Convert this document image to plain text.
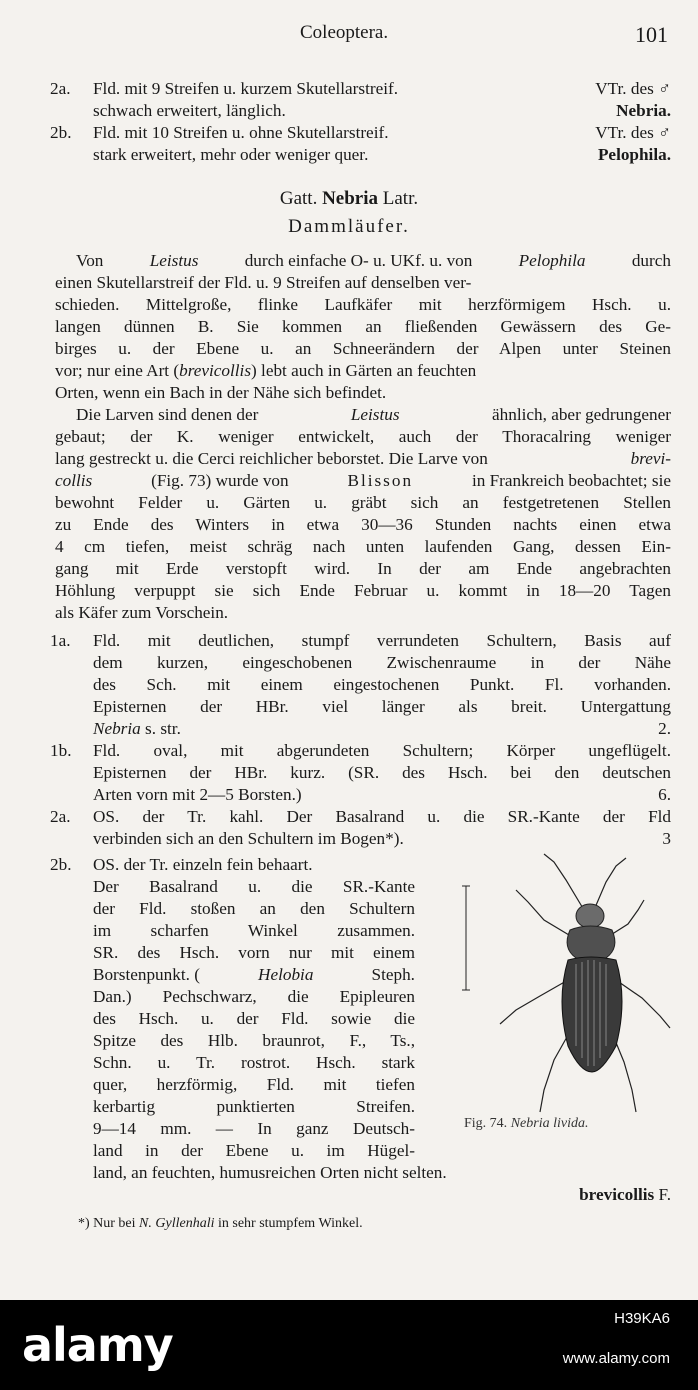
Coleoptera.	101
2a. Fld. mit 9 Streifen u. kurzem Skutellarstreif.	VTr. des ♂
schwach erweitert, länglich.	Nebria.
2b. Fld. mit 10 Streifen u. ohne Skutellarstreif.	VTr. des ♂
stark erweitert, mehr oder weniger quer.	Pelophila.
Gatt. Nebria Latr.
Dammläufer.
Von	Leistus	durch einfache O- u. UKf. u. von	Pelophila	durch
einen Skutellarstreif der Fld. u. 9 Streifen auf denselben ver-
schieden. Mittelgroße, flinke Laufkäfer mit herzförmigem Hsch. u.
langen dünnen B. Sie kommen an fließenden Gewässern des Ge-
birges u. der Ebene u. an Schneerändern der Alpen unter Steinen
vor; nur eine Art (brevicollis) lebt auch in Gärten an feuchten
Orten, wenn ein Bach in der Nähe sich befindet.
Die Larven sind denen der	Leistus	ähnlich, aber gedrungener
gebaut; der K. weniger entwickelt, auch der Thoracalring weniger
lang gestreckt u. die Cerci reichlicher beborstet. Die Larve von	brevi-
collis	(Fig. 73) wurde von	Blisson	in Frankreich beobachtet; sie
bewohnt Felder u. Gärten u. gräbt sich an festgetretenen Stellen
zu Ende des Winters in etwa 30—36 Stunden nachts einen etwa
4 cm tiefen, meist schräg nach unten laufenden Gang, dessen Ein-
gang mit Erde verstopft wird. In der am Ende angebrachten
Höhlung verpuppt sie sich Ende Februar u. kommt in 18—20 Tagen
als Käfer zum Vorschein.
1a. Fld. mit deutlichen, stumpf verrundeten Schultern, Basis auf
dem kurzen, eingeschobenen Zwischenraume in der Nähe
des Sch. mit einem eingestochenen Punkt. Fl. vorhanden.
Episternen der HBr. viel länger als breit. Untergattung
Nebria s. str.	2.
1b. Fld. oval, mit abgerundeten Schultern; Körper ungeflügelt.
Episternen der HBr. kurz. (SR. des Hsch. bei den deutschen
Arten vorn mit 2—5 Borsten.)	6.
2a. OS. der Tr. kahl. Der Basalrand u. die SR.-Kante der Fld
verbinden sich an den Schultern im Bogen*).	3
2b. OS. der Tr. einzeln fein behaart.
Der Basalrand u. die SR.-Kante
der Fld. stoßen an den Schultern
im scharfen Winkel zusammen.
SR. des Hsch. vorn nur mit einem
Borstenpunkt. (	Helobia	Steph.
Dan.) Pechschwarz, die Epipleuren
des Hsch. u. der Fld. sowie die
Spitze des Hlb. braunrot, F., Ts.,
Schn. u. Tr. rostrot. Hsch. stark
quer, herzförmig, Fld. mit tiefen
kerbartig punktierten Streifen.
9—14 mm. — In ganz Deutsch-
land in der Ebene u. im Hügel-
land, an feuchten, humusreichen Orten nicht selten.
brevicollis F.
Fig. 74. Nebria livida.
*) Nur bei N. Gyllenhali in sehr stumpfem Winkel.
alamy	H39KA6
www.alamy.com
